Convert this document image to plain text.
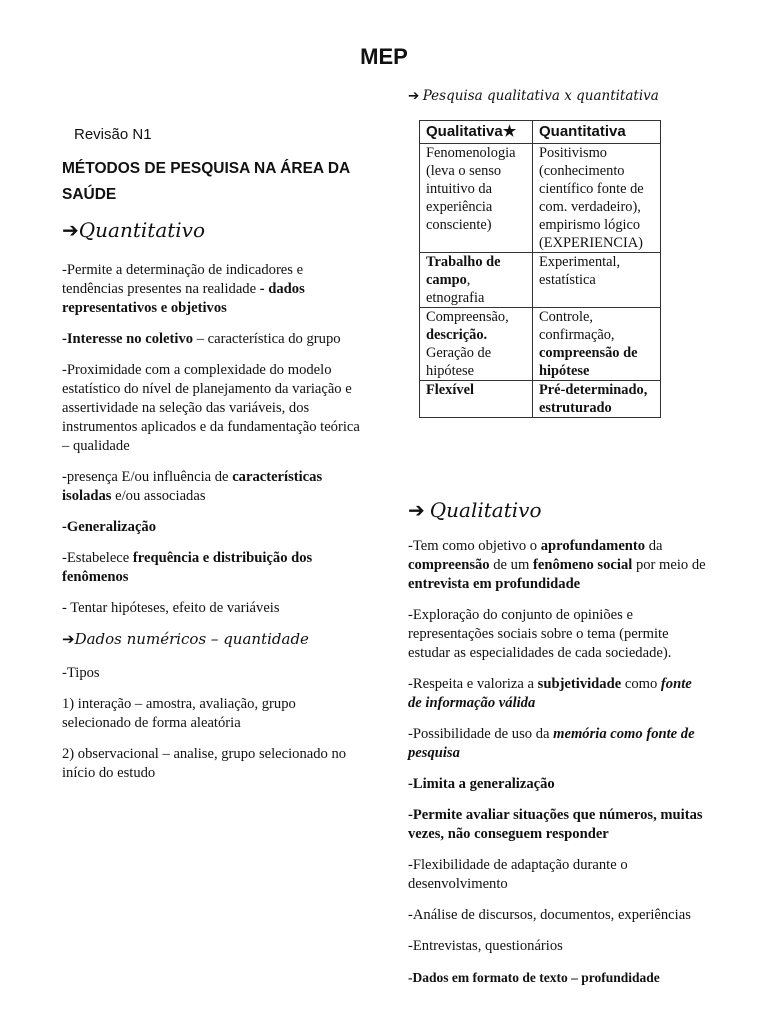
MEP
Revisão N1
MÉTODOS DE PESQUISA NA ÁREA DA SAÚDE
➔Quantitativo

-Permite a determinação de indicadores e tendências presentes na realidade - dados representativos e objetivos

-Interesse no coletivo – característica do grupo

-Proximidade com a complexidade do modelo estatístico do nível de planejamento da variação e assertividade na seleção das variáveis, dos instrumentos aplicados e da fundamentação teórica – qualidade

-presença E/ou influência de características isoladas e/ou associadas

-Generalização

-Estabelece frequência e distribuição dos fenômenos

- Tentar hipóteses, efeito de variáveis

➔Dados numéricos – quantidade

-Tipos

1) interação – amostra, avaliação, grupo selecionado de forma aleatória

2) observacional – analise, grupo selecionado no início do estudo

➔ Pesquisa qualitativa x quantitativa
Qualitativa★	Quantitativa
Fenomenologia (leva o senso intuitivo da experiência consciente)	Positivismo (conhecimento científico fonte de com. verdadeiro), empirismo lógico (EXPERIENCIA)
Trabalho de campo, etnografia	Experimental, estatística
Compreensão, descrição. Geração de hipótese	Controle, confirmação, compreensão de hipótese
Flexível	Pré-determinado, estruturado
➔ Qualitativo

-Tem como objetivo o aprofundamento da compreensão de um fenômeno social por meio de entrevista em profundidade

-Exploração do conjunto de opiniões e representações sociais sobre o tema (permite estudar as especialidades de cada sociedade).

-Respeita e valoriza a subjetividade como fonte de informação válida

-Possibilidade de uso da memória como fonte de pesquisa

-Limita a generalização

-Permite avaliar situações que números, muitas vezes, não conseguem responder

-Flexibilidade de adaptação durante o desenvolvimento

-Análise de discursos, documentos, experiências

-Entrevistas, questionários

-Dados em formato de texto – profundidade
